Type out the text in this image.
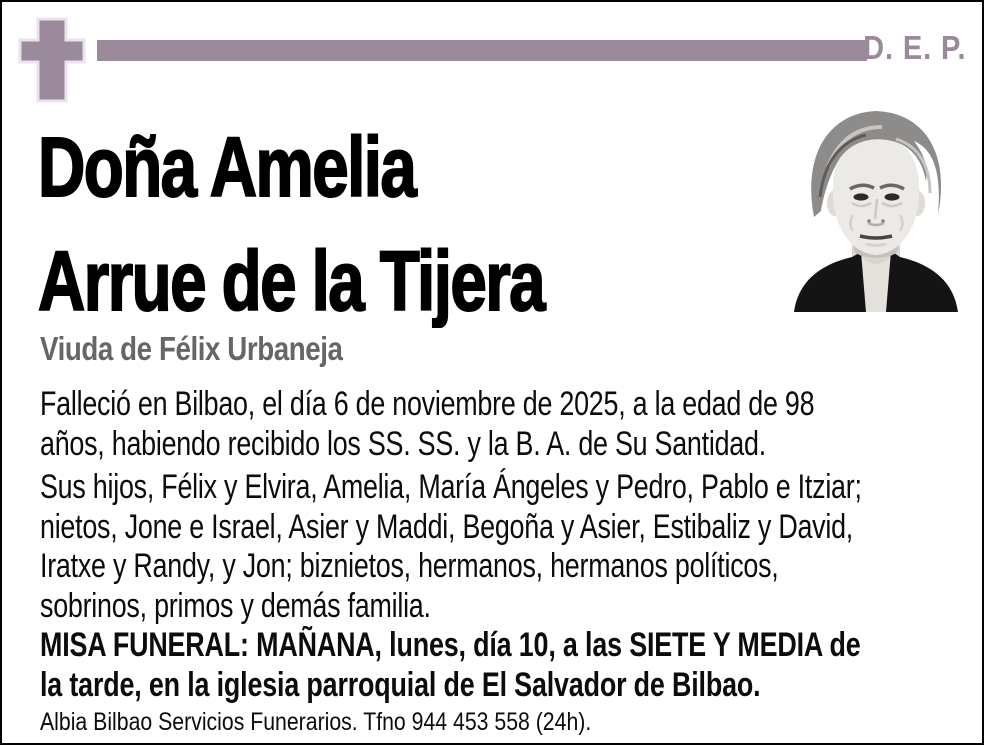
D. E. P.
Doña Amelia
Arrue de la Tijera
Viuda de Félix Urbaneja
Falleció en Bilbao, el día 6 de noviembre de 2025, a la edad de 98
años, habiendo recibido los SS. SS. y la B. A. de Su Santidad.
Sus hijos, Félix y Elvira, Amelia, María Ángeles y Pedro, Pablo e Itziar;
nietos, Jone e Israel, Asier y Maddi, Begoña y Asier, Estibaliz y David,
Iratxe y Randy, y Jon; biznietos, hermanos, hermanos políticos,
sobrinos, primos y demás familia.
MISA FUNERAL: MAÑANA, lunes, día 10, a las SIETE Y MEDIA de
la tarde, en la iglesia parroquial de El Salvador de Bilbao.
Albia Bilbao Servicios Funerarios. Tfno 944 453 558 (24h).
